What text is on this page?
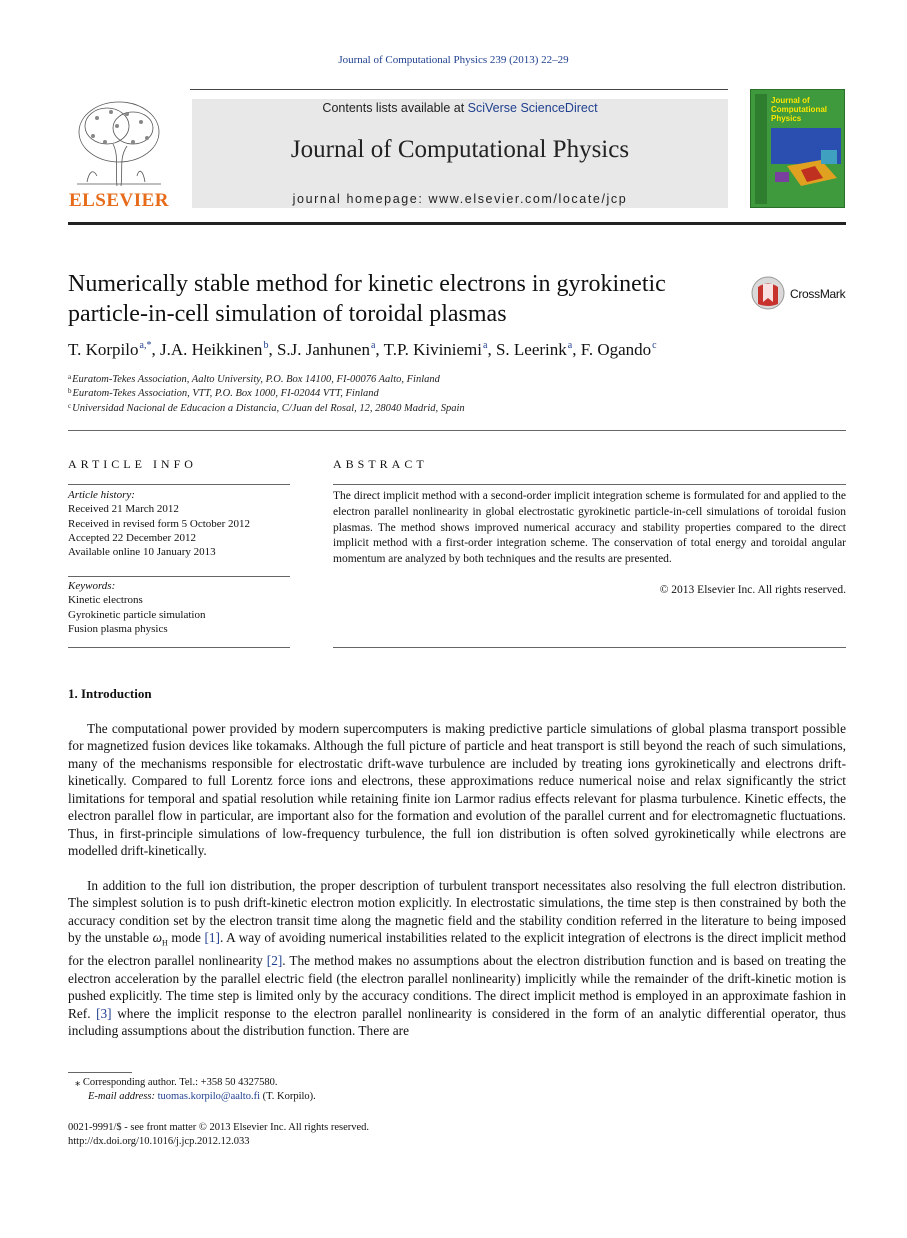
Journal of Computational Physics 239 (2013) 22–29
ELSEVIER
Contents lists available at SciVerse ScienceDirect
Journal of Computational Physics
journal homepage: www.elsevier.com/locate/jcp
Journal of Computational Physics
Numerically stable method for kinetic electrons in gyrokinetic particle-in-cell simulation of toroidal plasmas
CrossMark
T. Korpilo$^{a,*}$, J.A. Heikkinen$^b$, S.J. Janhunen$^a$, T.P. Kiviniemi$^a$, S. Leerink$^a$, F. Ogando$^c$
$^a$Euratom-Tekes Association, Aalto University, P.O. Box 14100, FI-00076 Aalto, Finland
$^b$Euratom-Tekes Association, VTT, P.O. Box 1000, FI-02044 VTT, Finland
$^c$Universidad Nacional de Educacion a Distancia, C/Juan del Rosal, 12, 28040 Madrid, Spain
ARTICLE INFO	ABSTRACT
Article history:
Received 21 March 2012
Received in revised form 5 October 2012
Accepted 22 December 2012
Available online 10 January 2013
Keywords:
Kinetic electrons
Gyrokinetic particle simulation
Fusion plasma physics
The direct implicit method with a second-order implicit integration scheme is formulated for and applied to the electron parallel nonlinearity in global electrostatic gyrokinetic particle-in-cell simulations of toroidal fusion plasmas. The method shows improved numerical accuracy and stability properties compared to the direct implicit method with a first-order integration scheme. The conservation of total energy and toroidal angular momentum are analyzed by both techniques and the results are presented.
© 2013 Elsevier Inc. All rights reserved.
1. Introduction
The computational power provided by modern supercomputers is making predictive particle simulations of global plasma transport possible for magnetized fusion devices like tokamaks. Although the full picture of particle and heat transport is still beyond the reach of such simulations, many of the mechanisms responsible for electrostatic drift-wave turbulence are included by treating ions gyrokinetically and electrons drift-kinetically. Compared to full Lorentz force ions and electrons, these approximations reduce numerical noise and relax significantly the strict limitations for temporal and spatial resolution while retaining finite ion Larmor radius effects relevant for plasma turbulence. Kinetic effects, the electron parallel flow in particular, are important also for the formation and evolution of the parallel current and for electromagnetic fluctuations. Thus, in first-principle simulations of low-frequency turbulence, the full ion distribution is often solved gyrokinetically while electrons are modelled drift-kinetically.
In addition to the full ion distribution, the proper description of turbulent transport necessitates also resolving the full electron distribution. The simplest solution is to push drift-kinetic electron motion explicitly. In electrostatic simulations, the time step is then constrained by both the accuracy condition set by the electron transit time along the magnetic field and the stability condition referred in the literature to being imposed by the unstable $\omega_H$ mode [1]. A way of avoiding numerical instabilities related to the explicit integration of electrons is the direct implicit method for the electron parallel nonlinearity [2]. The method makes no assumptions about the electron distribution function and is based on treating the electron acceleration by the parallel electric field (the electron parallel nonlinearity) implicitly while the remainder of the drift-kinetic motion is pushed explicitly. The time step is limited only by the accuracy conditions. The direct implicit method is employed in an approximate fashion in Ref. [3] where the implicit response to the electron parallel nonlinearity is considered in the form of an analytic differential operator, thus including assumptions about the distribution function. There are
⁎ Corresponding author. Tel.: +358 50 4327580.
E-mail address: tuomas.korpilo@aalto.fi (T. Korpilo).
0021-9991/$ - see front matter © 2013 Elsevier Inc. All rights reserved.
http://dx.doi.org/10.1016/j.jcp.2012.12.033
